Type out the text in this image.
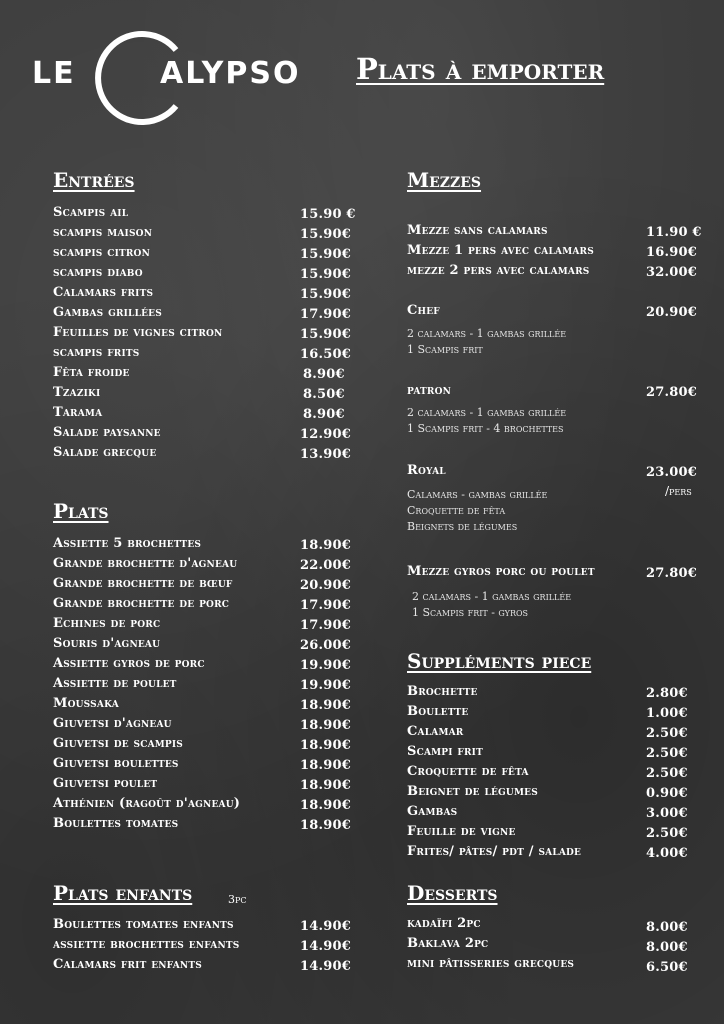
LE	ALYPSO Plats à emporter
Entrées
Scampis ail	15.90 €
scampis maison	15.90€
scampis citron	15.90€
scampis diabo	15.90€
Calamars frits	15.90€
Gambas grillées	17.90€
Feuilles de vignes citron	15.90€
scampis frits	16.50€
Fêta froide	8.90€
Tzaziki	8.50€
Tarama	8.90€
Salade paysanne	12.90€
Salade grecque	13.90€
Plats
Assiette 5 brochettes	18.90€
Grande brochette d'agneau	22.00€
Grande brochette de bœuf	20.90€
Grande brochette de porc	17.90€
Echines de porc	17.90€
Souris d'agneau	26.00€
Assiette gyros de porc	19.90€
Assiette de poulet	19.90€
Moussaka	18.90€
Giuvetsi d'agneau	18.90€
Giuvetsi de scampis	18.90€
Giuvetsi boulettes	18.90€
Giuvetsi poulet	18.90€
Athénien (ragoût d'agneau)	18.90€
Boulettes tomates	18.90€
Plats enfants	3pc
Boulettes tomates enfants	14.90€
assiette brochettes enfants	14.90€
Calamars frit enfants	14.90€
Mezzes
Mezze sans calamars	11.90 €
Mezze 1 pers avec calamars	16.90€
mezze 2 pers avec calamars	32.00€
Chef	20.90€
2 calamars - 1 gambas grillée
1 Scampis frit
patron	27.80€
2 calamars - 1 gambas grillée
1 Scampis frit - 4 brochettes
Royal	23.00€
/pers
Calamars - gambas grillée
Croquette de fêta
Beignets de légumes
Mezze gyros porc ou poulet	27.80€
2 calamars - 1 gambas grillée
1 Scampis frit - gyros
Suppléments piece
Brochette	2.80€
Boulette	1.00€
Calamar	2.50€
Scampi frit	2.50€
Croquette de fêta	2.50€
Beignet de légumes	0.90€
Gambas	3.00€
Feuille de vigne	2.50€
Frites/ pâtes/ pdt / salade	4.00€
Desserts
kadaïfi 2pc	8.00€
Baklava 2pc	8.00€
mini pâtisseries grecques	6.50€
